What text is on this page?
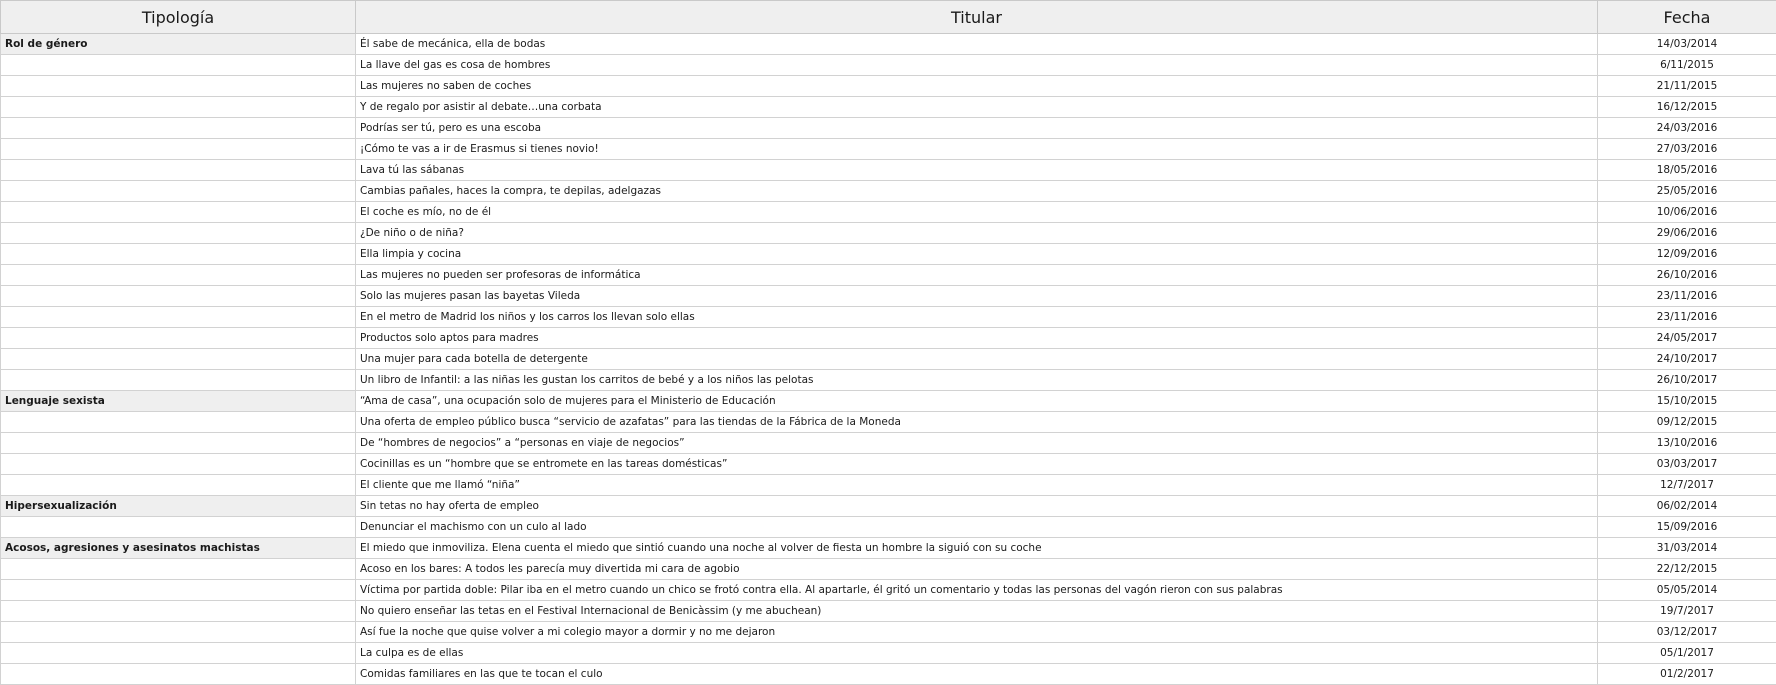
Tipología	Titular	Fecha
Rol de género	Él sabe de mecánica, ella de bodas	14/03/2014
	La llave del gas es cosa de hombres	6/11/2015
	Las mujeres no saben de coches	21/11/2015
	Y de regalo por asistir al debate…una corbata	16/12/2015
	Podrías ser tú, pero es una escoba	24/03/2016
	¡Cómo te vas a ir de Erasmus si tienes novio!	27/03/2016
	Lava tú las sábanas	18/05/2016
	Cambias pañales, haces la compra, te depilas, adelgazas	25/05/2016
	El coche es mío, no de él	10/06/2016
	¿De niño o de niña?	29/06/2016
	Ella limpia y cocina	12/09/2016
	Las mujeres no pueden ser profesoras de informática	26/10/2016
	Solo las mujeres pasan las bayetas Vileda	23/11/2016
	En el metro de Madrid los niños y los carros los llevan solo ellas	23/11/2016
	Productos solo aptos para madres	24/05/2017
	Una mujer para cada botella de detergente	24/10/2017
	Un libro de Infantil: a las niñas les gustan los carritos de bebé y a los niños las pelotas	26/10/2017
Lenguaje sexista	“Ama de casa”, una ocupación solo de mujeres para el Ministerio de Educación	15/10/2015
	Una oferta de empleo público busca “servicio de azafatas” para las tiendas de la Fábrica de la Moneda	09/12/2015
	De “hombres de negocios” a “personas en viaje de negocios”	13/10/2016
	Cocinillas es un “hombre que se entromete en las tareas domésticas”	03/03/2017
	El cliente que me llamó “niña”	12/7/2017
Hipersexualización	Sin tetas no hay oferta de empleo	06/02/2014
	Denunciar el machismo con un culo al lado	15/09/2016
Acosos, agresiones y asesinatos machistas	El miedo que inmoviliza. Elena cuenta el miedo que sintió cuando una noche al volver de fiesta un hombre la siguió con su coche	31/03/2014
	Acoso en los bares: A todos les parecía muy divertida mi cara de agobio	22/12/2015
	Víctima por partida doble: Pilar iba en el metro cuando un chico se frotó contra ella. Al apartarle, él gritó un comentario y todas las personas del vagón rieron con sus palabras	05/05/2014
	No quiero enseñar las tetas en el Festival Internacional de Benicàssim (y me abuchean)	19/7/2017
	Así fue la noche que quise volver a mi colegio mayor a dormir y no me dejaron	03/12/2017
	La culpa es de ellas	05/1/2017
	Comidas familiares en las que te tocan el culo	01/2/2017
